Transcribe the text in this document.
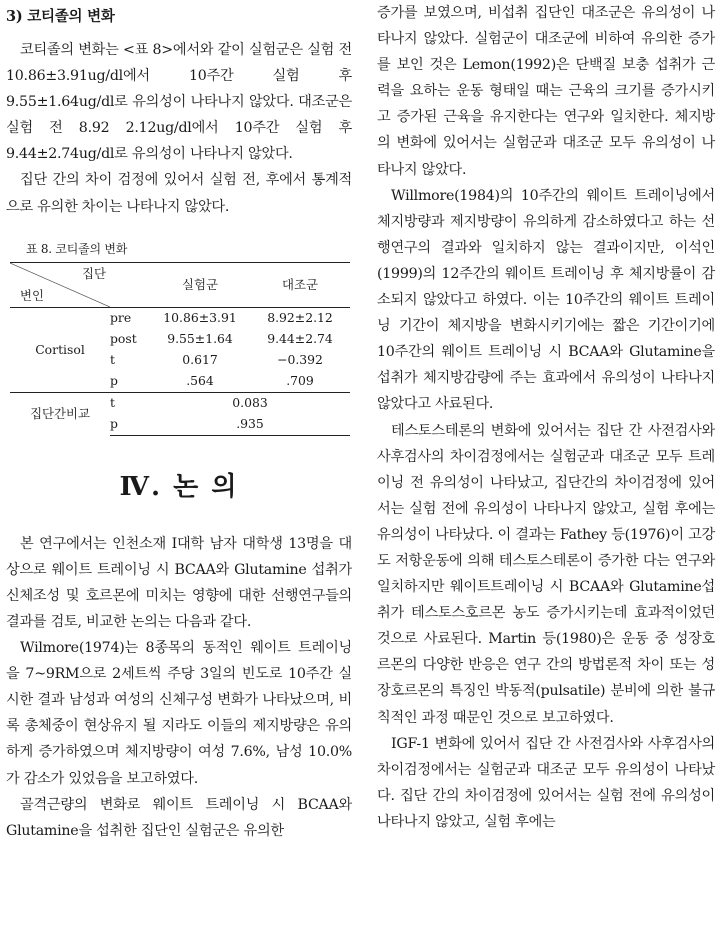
3) 코티졸의 변화

코티졸의 변화는 <표 8>에서와 같이 실험군은 실험 전 10.86±3.91ug/dl에서 10주간 실험 후 9.55±1.64ug/dl로 유의성이 나타나지 않았다. 대조군은 실험 전 8.92 2.12ug/dl에서 10주간 실험 후 9.44±2.74ug/dl로 유의성이 나타나지 않았다.

집단 간의 차이 검정에 있어서 실험 전, 후에서 통계적으로 유의한 차이는 나타나지 않았다.

표 8. 코티졸의 변화
집단
변인		실험군	대조군
Cortisol	pre	10.86±3.91	8.92±2.12
	post	9.55±1.64	9.44±2.74
	t	0.617	−0.392
	p	.564	.709
집단간비교	t	0.083	
	p	.935	
Ⅳ. 논 의

본 연구에서는 인천소재 I대학 남자 대학생 13명을 대상으로 웨이트 트레이닝 시 BCAA와 Glutamine 섭취가 신체조성 및 호르몬에 미치는 영향에 대한 선행연구들의 결과를 검토, 비교한 논의는 다음과 같다.

Wilmore(1974)는 8종목의 동적인 웨이트 트레이닝을 7~9RM으로 2세트씩 주당 3일의 빈도로 10주간 실시한 결과 남성과 여성의 신체구성 변화가 나타났으며, 비록 총체중이 현상유지 될 지라도 이들의 제지방량은 유의하게 증가하였으며 체지방량이 여성 7.6%, 남성 10.0%가 감소가 있었음을 보고하였다.

골격근량의 변화로 웨이트 트레이닝 시 BCAA와 Glutamine을 섭취한 집단인 실험군은 유의한

증가를 보였으며, 비섭취 집단인 대조군은 유의성이 나타나지 않았다. 실험군이 대조군에 비하여 유의한 증가를 보인 것은 Lemon(1992)은 단백질 보충 섭취가 근력을 요하는 운동 형태일 때는 근육의 크기를 증가시키고 증가된 근육을 유지한다는 연구와 일치한다. 체지방의 변화에 있어서는 실험군과 대조군 모두 유의성이 나타나지 않았다.

Willmore(1984)의 10주간의 웨이트 트레이닝에서 체지방량과 제지방량이 유의하게 감소하였다고 하는 선행연구의 결과와 일치하지 않는 결과이지만, 이석인(1999)의 12주간의 웨이트 트레이닝 후 체지방률이 감소되지 않았다고 하였다. 이는 10주간의 웨이트 트레이닝 기간이 체지방을 변화시키기에는 짧은 기간이기에 10주간의 웨이트 트레이닝 시 BCAA와 Glutamine을 섭취가 체지방감량에 주는 효과에서 유의성이 나타나지 않았다고 사료된다.

테스토스테론의 변화에 있어서는 집단 간 사전검사와 사후검사의 차이검정에서는 실험군과 대조군 모두 트레이닝 전 유의성이 나타났고, 집단간의 차이검정에 있어서는 실험 전에 유의성이 나타나지 않았고, 실험 후에는 유의성이 나타났다. 이 결과는 Fathey 등(1976)이 고강도 저항운동에 의해 테스토스테론이 증가한 다는 연구와 일치하지만 웨이트트레이닝 시 BCAA와 Glutamine섭취가 테스토스호르몬 농도 증가시키는데 효과적이었던 것으로 사료된다. Martin 등(1980)은 운동 중 성장호르몬의 다양한 반응은 연구 간의 방법론적 차이 또는 성장호르몬의 특징인 박동적(pulsatile) 분비에 의한 불규칙적인 과정 때문인 것으로 보고하였다.

IGF-1 변화에 있어서 집단 간 사전검사와 사후검사의 차이검정에서는 실험군과 대조군 모두 유의성이 나타났다. 집단 간의 차이검정에 있어서는 실험 전에 유의성이 나타나지 않았고, 실험 후에는
